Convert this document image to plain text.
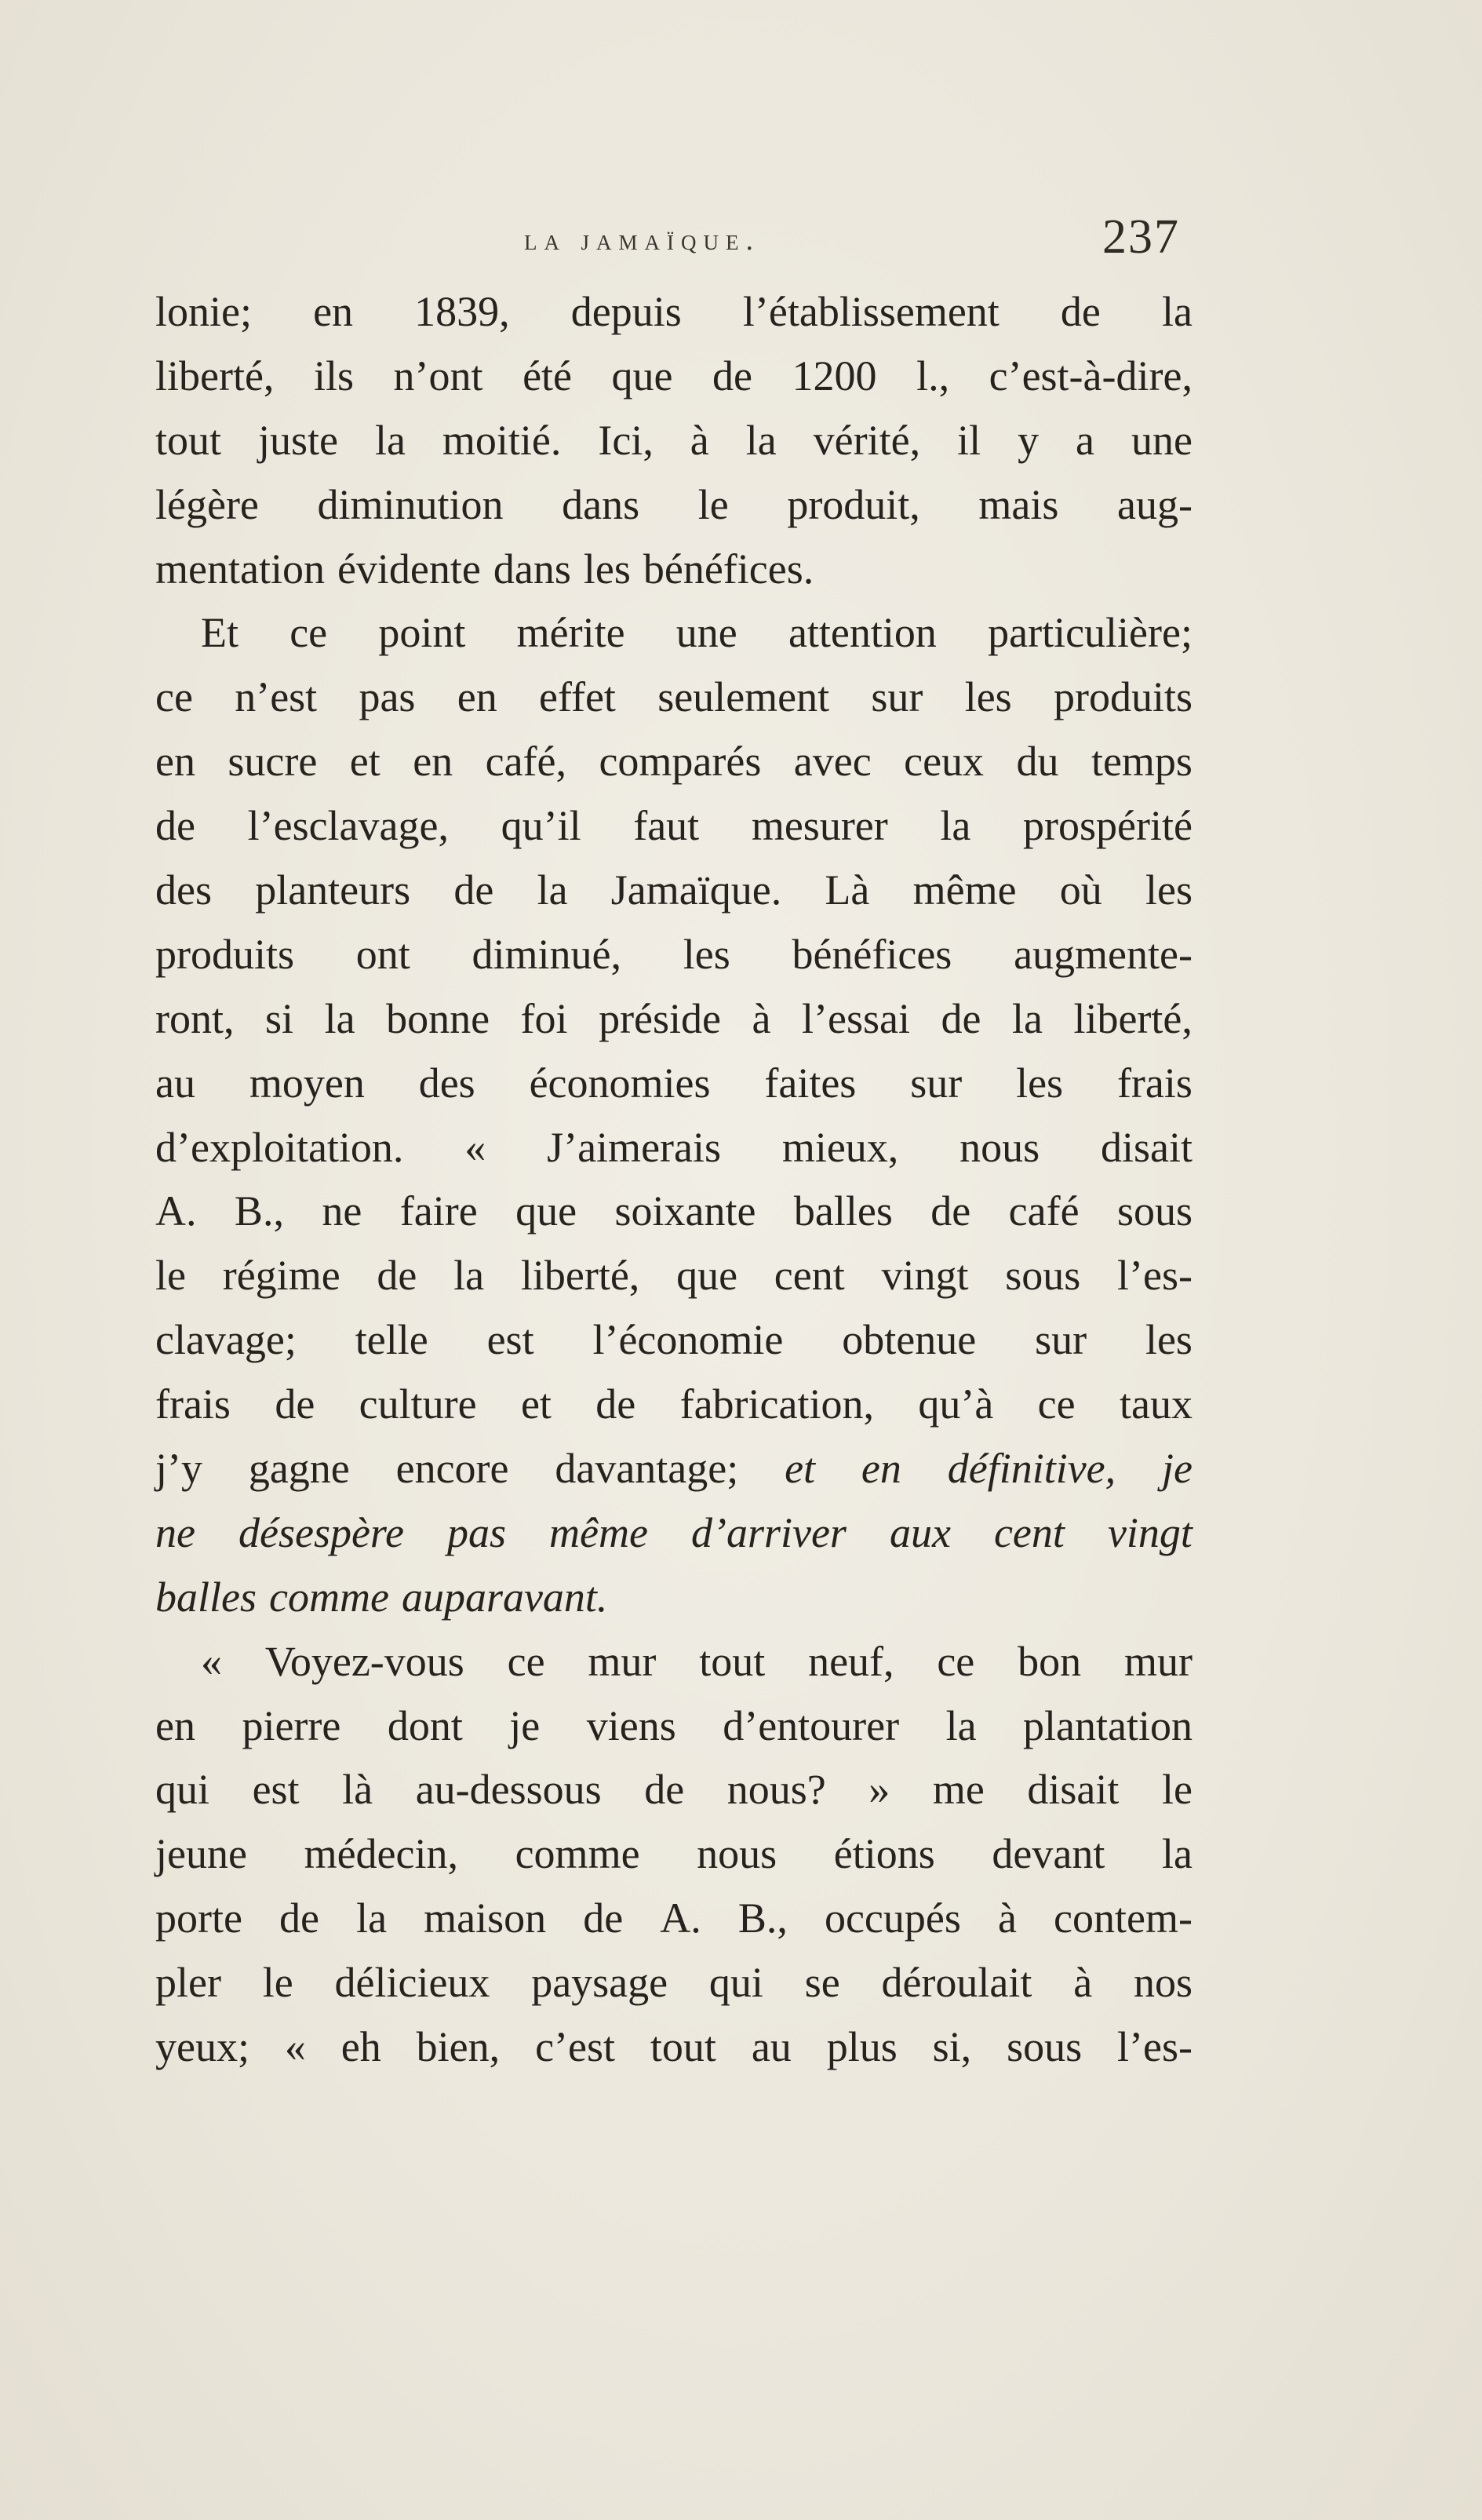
la jamaïque.	237
lonie; en 1839, depuis l’établissement de la
liberté, ils n’ont été que de 1200 l., c’est-à-dire,
tout juste la moitié. Ici, à la vérité, il y a une
légère diminution dans le produit, mais aug-
mentation évidente dans les bénéfices.
Et ce point mérite une attention particulière;
ce n’est pas en effet seulement sur les produits
en sucre et en café, comparés avec ceux du temps
de l’esclavage, qu’il faut mesurer la prospérité
des planteurs de la Jamaïque. Là même où les
produits ont diminué, les bénéfices augmente-
ront, si la bonne foi préside à l’essai de la liberté,
au moyen des économies faites sur les frais
d’exploitation. « J’aimerais mieux, nous disait
A. B., ne faire que soixante balles de café sous
le régime de la liberté, que cent vingt sous l’es-
clavage; telle est l’économie obtenue sur les
frais de culture et de fabrication, qu’à ce taux
j’y gagne encore davantage; et en définitive, je
ne désespère pas même d’arriver aux cent vingt
balles comme auparavant.
« Voyez-vous ce mur tout neuf, ce bon mur
en pierre dont je viens d’entourer la plantation
qui est là au-dessous de nous? » me disait le
jeune médecin, comme nous étions devant la
porte de la maison de A. B., occupés à contem-
pler le délicieux paysage qui se déroulait à nos
yeux; « eh bien, c’est tout au plus si, sous l’es-
